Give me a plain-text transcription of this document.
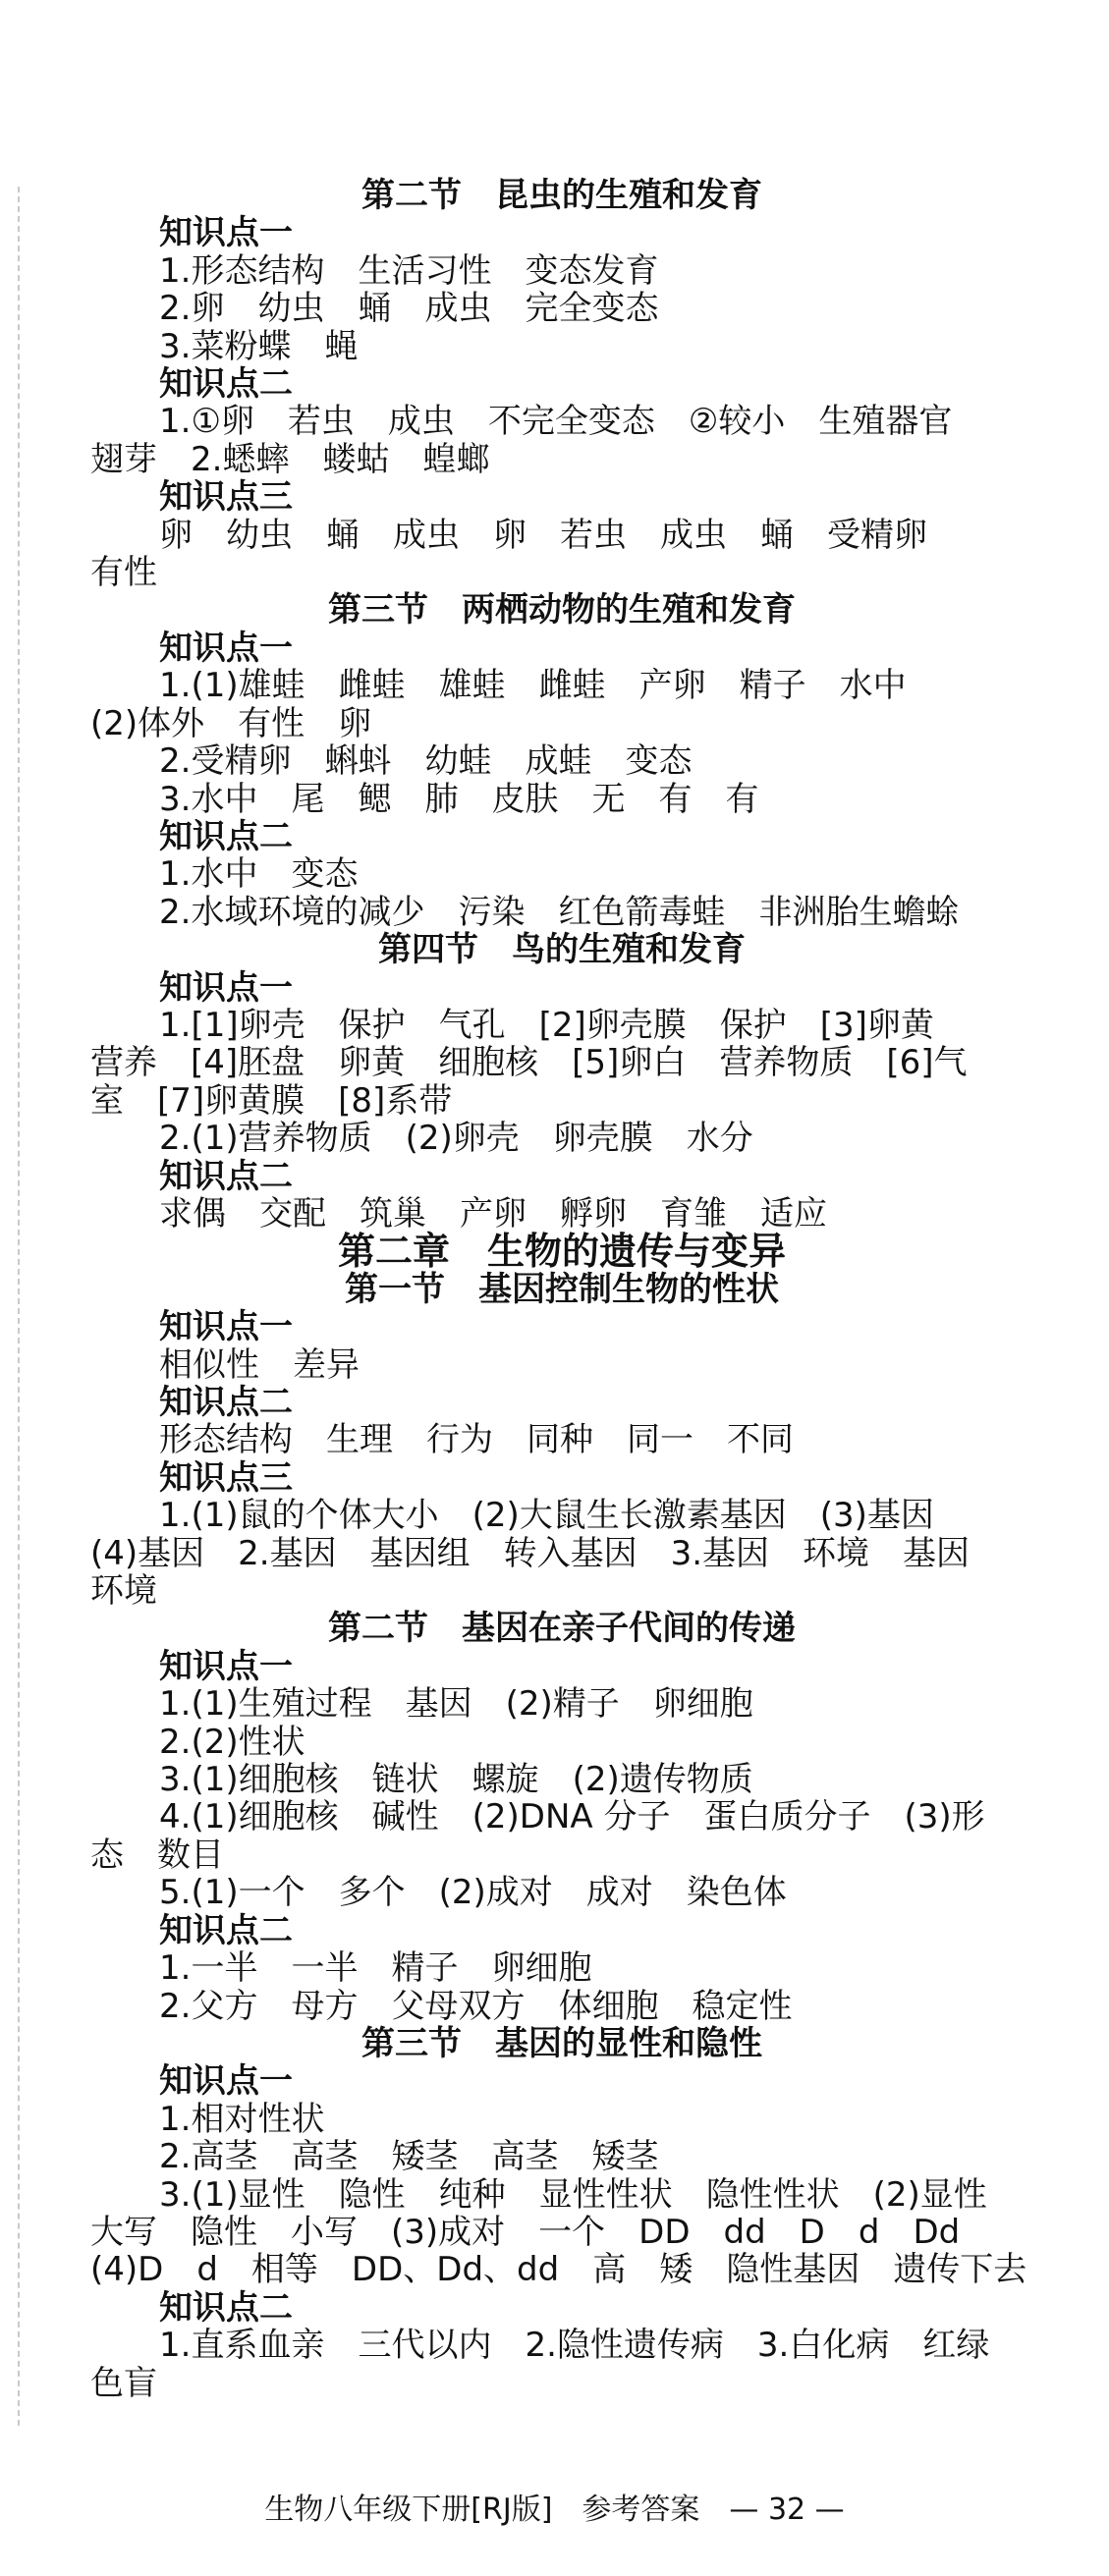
第二节　昆虫的生殖和发育
知识点一
1.形态结构　生活习性　变态发育
2.卵　幼虫　蛹　成虫　完全变态
3.菜粉蝶　蝇
知识点二
1.①卵　若虫　成虫　不完全变态　②较小　生殖器官
翅芽　2.蟋蟀　蝼蛄　蝗螂
知识点三
卵　幼虫　蛹　成虫　卵　若虫　成虫　蛹　受精卵
有性
第三节　两栖动物的生殖和发育
知识点一
1.(1)雄蛙　雌蛙　雄蛙　雌蛙　产卵　精子　水中
(2)体外　有性　卵
2.受精卵　蝌蚪　幼蛙　成蛙　变态
3.水中　尾　鳃　肺　皮肤　无　有　有
知识点二
1.水中　变态
2.水域环境的减少　污染　红色箭毒蛙　非洲胎生蟾蜍
第四节　鸟的生殖和发育
知识点一
1.[1]卵壳　保护　气孔　[2]卵壳膜　保护　[3]卵黄
营养　[4]胚盘　卵黄　细胞核　[5]卵白　营养物质　[6]气
室　[7]卵黄膜　[8]系带
2.(1)营养物质　(2)卵壳　卵壳膜　水分
知识点二
求偶　交配　筑巢　产卵　孵卵　育雏　适应
第二章　生物的遗传与变异
第一节　基因控制生物的性状
知识点一
相似性　差异
知识点二
形态结构　生理　行为　同种　同一　不同
知识点三
1.(1)鼠的个体大小　(2)大鼠生长激素基因　(3)基因
(4)基因　2.基因　基因组　转入基因　3.基因　环境　基因
环境
第二节　基因在亲子代间的传递
知识点一
1.(1)生殖过程　基因　(2)精子　卵细胞
2.(2)性状
3.(1)细胞核　链状　螺旋　(2)遗传物质
4.(1)细胞核　碱性　(2)DNA 分子　蛋白质分子　(3)形
态　数目
5.(1)一个　多个　(2)成对　成对　染色体
知识点二
1.一半　一半　精子　卵细胞
2.父方　母方　父母双方　体细胞　稳定性
第三节　基因的显性和隐性
知识点一
1.相对性状
2.高茎　高茎　矮茎　高茎　矮茎
3.(1)显性　隐性　纯种　显性性状　隐性性状　(2)显性
大写　隐性　小写　(3)成对　一个　DD　dd　D　d　Dd
(4)D　d　相等　DD、Dd、dd　高　矮　隐性基因　遗传下去
知识点二
1.直系血亲　三代以内　2.隐性遗传病　3.白化病　红绿
色盲
生物八年级下册[RJ版]　参考答案　— 32 —
